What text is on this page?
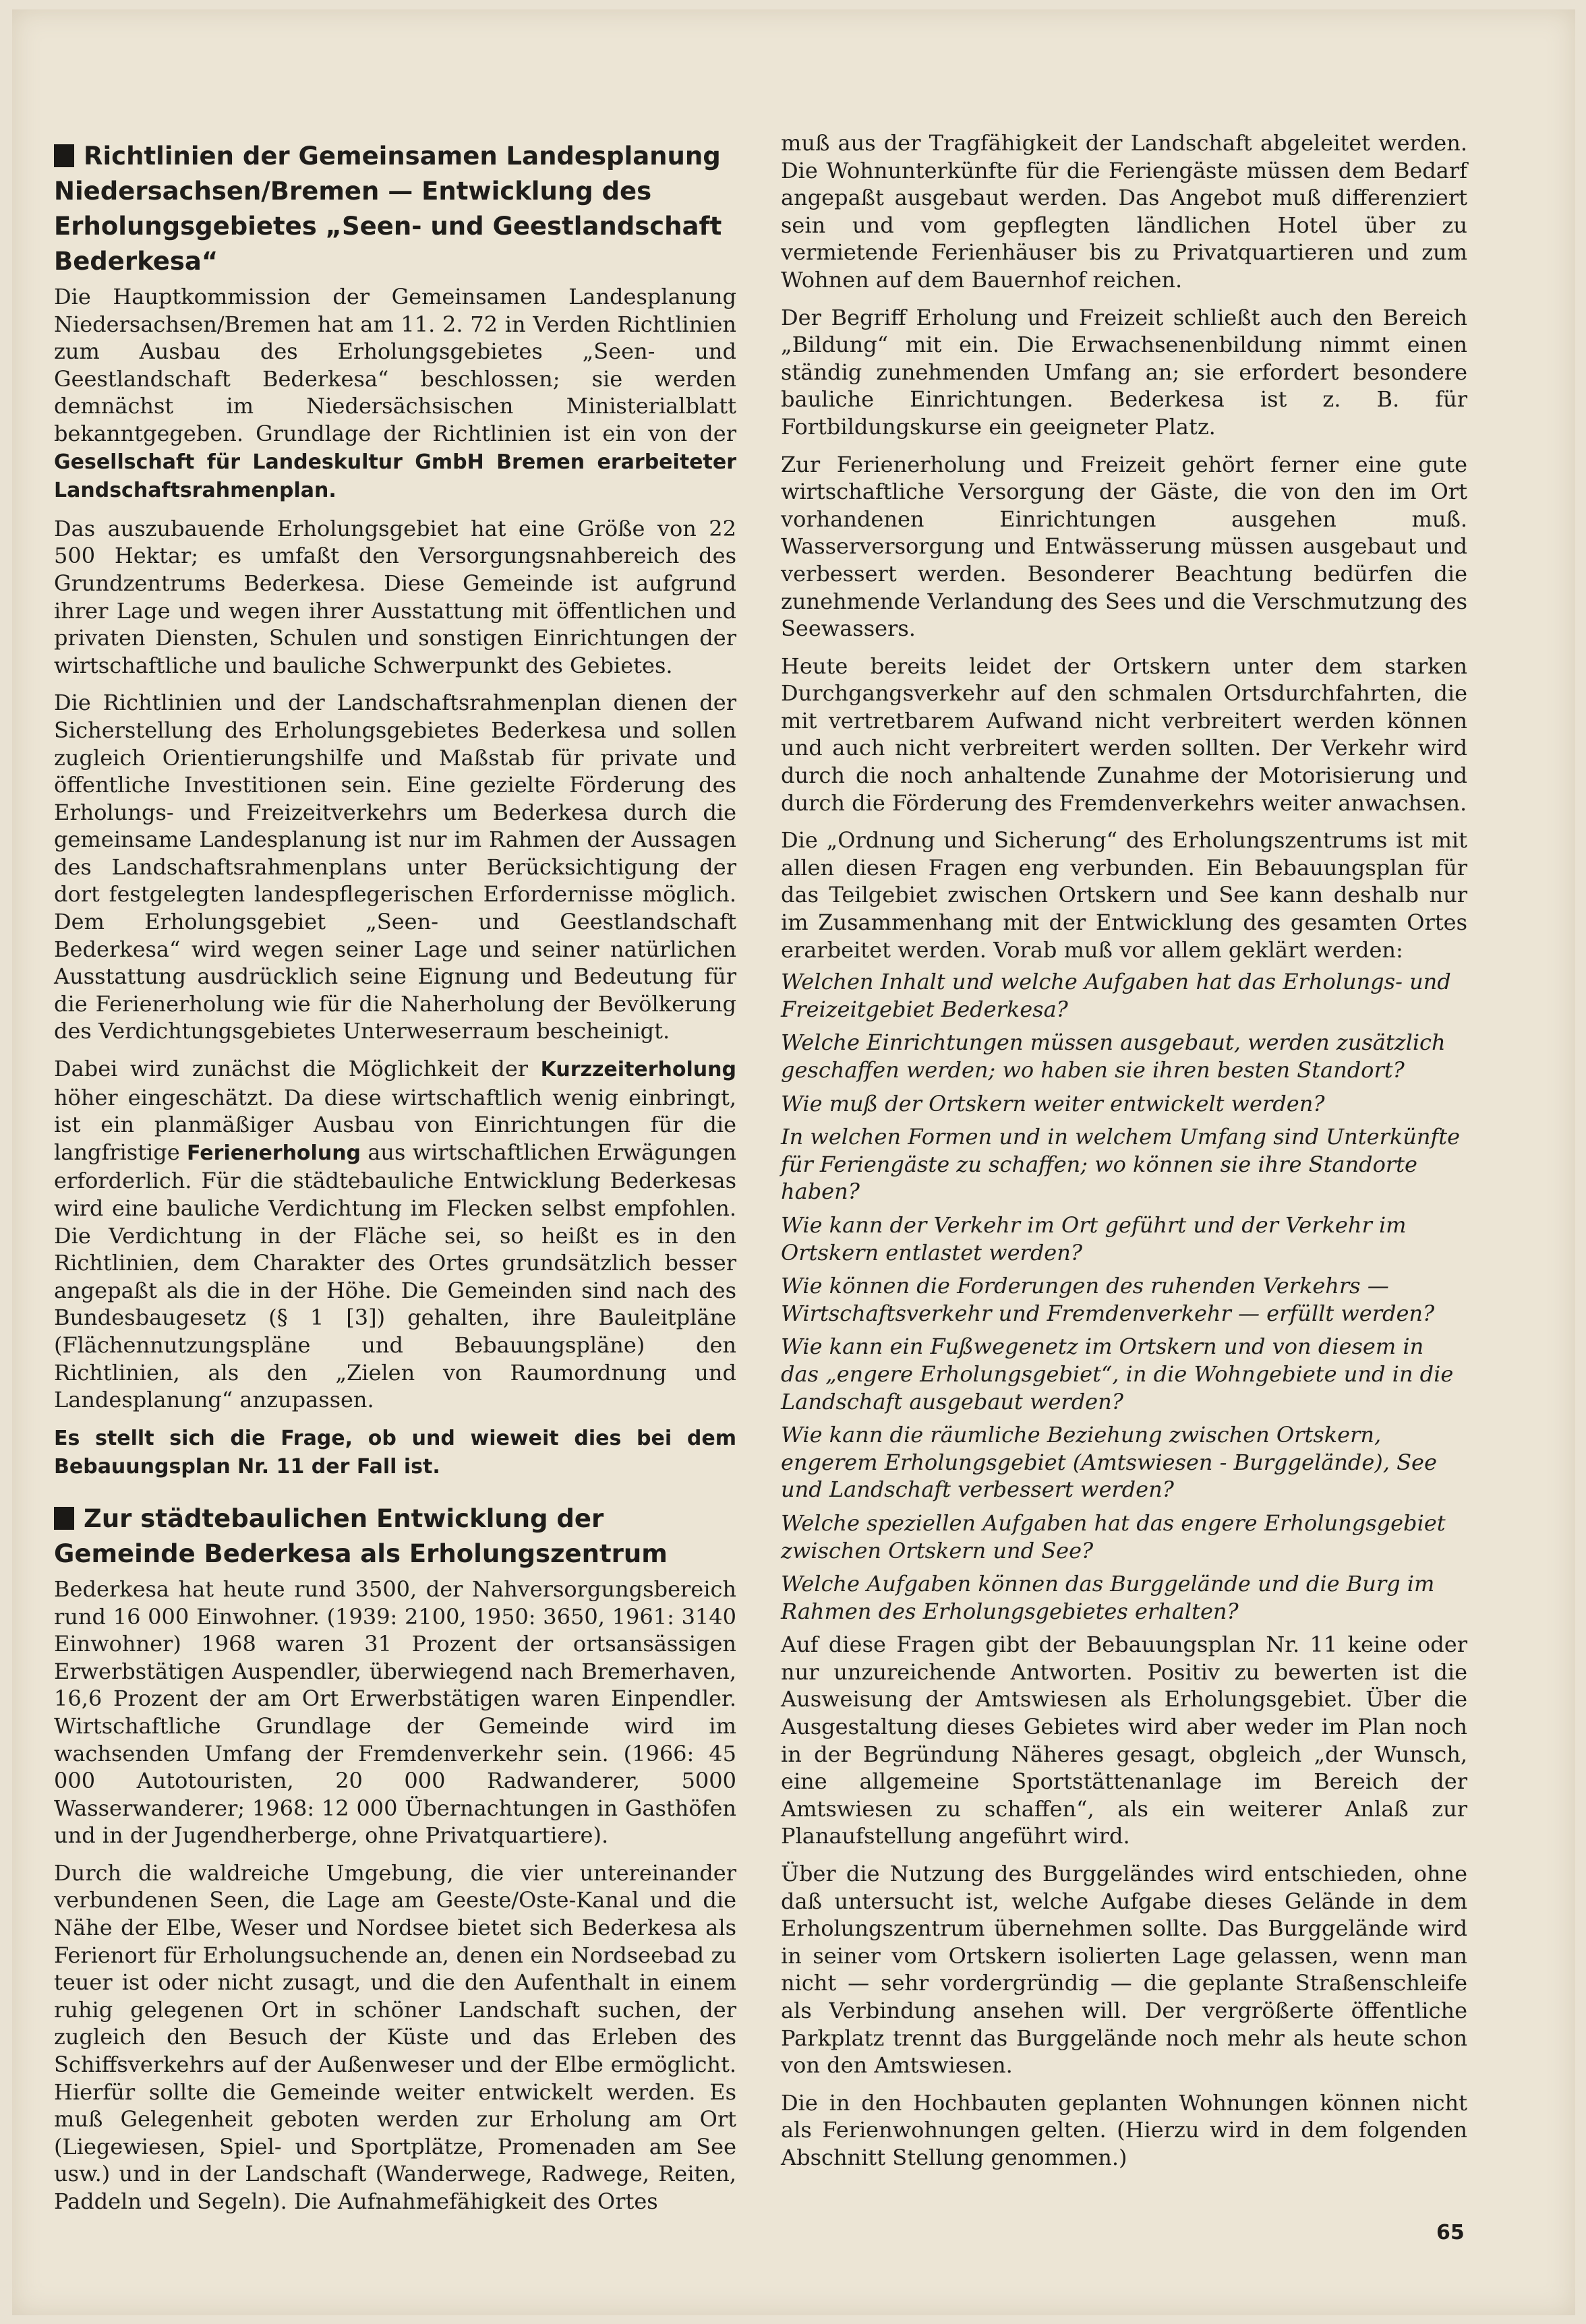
Richtlinien der Gemeinsamen Landesplanung Niedersachsen/Bremen — Entwicklung des Erholungsgebietes „Seen- und Geestlandschaft Bederkesa“

Die Hauptkommission der Gemeinsamen Landesplanung Niedersachsen/Bremen hat am 11. 2. 72 in Verden Richtlinien zum Ausbau des Erholungsgebietes „Seen- und Geestlandschaft Bederkesa“ beschlossen; sie werden demnächst im Niedersächsischen Ministerialblatt bekanntgegeben. Grundlage der Richtlinien ist ein von der Gesellschaft für Landeskultur GmbH Bremen erarbeiteter Landschaftsrahmenplan.

Das auszubauende Erholungsgebiet hat eine Größe von 22 500 Hektar; es umfaßt den Versorgungsnahbereich des Grundzentrums Bederkesa. Diese Gemeinde ist aufgrund ihrer Lage und wegen ihrer Ausstattung mit öffentlichen und privaten Diensten, Schulen und sonstigen Einrichtungen der wirtschaftliche und bauliche Schwerpunkt des Gebietes.

Die Richtlinien und der Landschaftsrahmenplan dienen der Sicherstellung des Erholungsgebietes Bederkesa und sollen zugleich Orientierungshilfe und Maßstab für private und öffentliche Investitionen sein. Eine gezielte Förderung des Erholungs- und Freizeitverkehrs um Bederkesa durch die gemeinsame Landesplanung ist nur im Rahmen der Aussagen des Landschaftsrahmenplans unter Berücksichtigung der dort festgelegten landespflegerischen Erfordernisse möglich. Dem Erholungsgebiet „Seen- und Geestlandschaft Bederkesa“ wird wegen seiner Lage und seiner natürlichen Ausstattung ausdrücklich seine Eignung und Bedeutung für die Ferienerholung wie für die Naherholung der Bevölkerung des Verdichtungsgebietes Unterweserraum bescheinigt.

Dabei wird zunächst die Möglichkeit der Kurzzeiterholung höher eingeschätzt. Da diese wirtschaftlich wenig einbringt, ist ein planmäßiger Ausbau von Einrichtungen für die langfristige Ferienerholung aus wirtschaftlichen Erwägungen erforderlich. Für die städtebauliche Entwicklung Bederkesas wird eine bauliche Verdichtung im Flecken selbst empfohlen. Die Verdichtung in der Fläche sei, so heißt es in den Richtlinien, dem Charakter des Ortes grundsätzlich besser angepaßt als die in der Höhe. Die Gemeinden sind nach des Bundesbaugesetz (§ 1 [3]) gehalten, ihre Bauleitpläne (Flächennutzungspläne und Bebauungspläne) den Richtlinien, als den „Zielen von Raumordnung und Landesplanung“ anzupassen.

Es stellt sich die Frage, ob und wieweit dies bei dem Bebauungsplan Nr. 11 der Fall ist.

Zur städtebaulichen Entwicklung der Gemeinde Bederkesa als Erholungszentrum

Bederkesa hat heute rund 3500, der Nahversorgungsbereich rund 16 000 Einwohner. (1939: 2100, 1950: 3650, 1961: 3140 Einwohner) 1968 waren 31 Prozent der ortsansässigen Erwerbstätigen Auspendler, überwiegend nach Bremerhaven, 16,6 Prozent der am Ort Erwerbstätigen waren Einpendler. Wirtschaftliche Grundlage der Gemeinde wird im wachsenden Umfang der Fremdenverkehr sein. (1966: 45 000 Autotouristen, 20 000 Radwanderer, 5000 Wasserwanderer; 1968: 12 000 Übernachtungen in Gasthöfen und in der Jugendherberge, ohne Privatquartiere).

Durch die waldreiche Umgebung, die vier untereinander verbundenen Seen, die Lage am Geeste/Oste-Kanal und die Nähe der Elbe, Weser und Nordsee bietet sich Bederkesa als Ferienort für Erholungsuchende an, denen ein Nordseebad zu teuer ist oder nicht zusagt, und die den Aufenthalt in einem ruhig gelegenen Ort in schöner Landschaft suchen, der zugleich den Besuch der Küste und das Erleben des Schiffsverkehrs auf der Außenweser und der Elbe ermöglicht. Hierfür sollte die Gemeinde weiter entwickelt werden. Es muß Gelegenheit geboten werden zur Erholung am Ort (Liegewiesen, Spiel- und Sportplätze, Promenaden am See usw.) und in der Landschaft (Wanderwege, Radwege, Reiten, Paddeln und Segeln). Die Aufnahmefähigkeit des Ortes

muß aus der Tragfähigkeit der Landschaft abgeleitet werden. Die Wohnunterkünfte für die Feriengäste müssen dem Bedarf angepaßt ausgebaut werden. Das Angebot muß differenziert sein und vom gepflegten ländlichen Hotel über zu vermietende Ferienhäuser bis zu Privatquartieren und zum Wohnen auf dem Bauernhof reichen.

Der Begriff Erholung und Freizeit schließt auch den Bereich „Bildung“ mit ein. Die Erwachsenenbildung nimmt einen ständig zunehmenden Umfang an; sie erfordert besondere bauliche Einrichtungen. Bederkesa ist z. B. für Fortbildungskurse ein geeigneter Platz.

Zur Ferienerholung und Freizeit gehört ferner eine gute wirtschaftliche Versorgung der Gäste, die von den im Ort vorhandenen Einrichtungen ausgehen muß. Wasserversorgung und Entwässerung müssen ausgebaut und verbessert werden. Besonderer Beachtung bedürfen die zunehmende Verlandung des Sees und die Verschmutzung des Seewassers.

Heute bereits leidet der Ortskern unter dem starken Durchgangsverkehr auf den schmalen Ortsdurchfahrten, die mit vertretbarem Aufwand nicht verbreitert werden können und auch nicht verbreitert werden sollten. Der Verkehr wird durch die noch anhaltende Zunahme der Motorisierung und durch die Förderung des Fremdenverkehrs weiter anwachsen.

Die „Ordnung und Sicherung“ des Erholungszentrums ist mit allen diesen Fragen eng verbunden. Ein Bebauungsplan für das Teilgebiet zwischen Ortskern und See kann deshalb nur im Zusammenhang mit der Entwicklung des gesamten Ortes erarbeitet werden. Vorab muß vor allem geklärt werden:

Welchen Inhalt und welche Aufgaben hat das Erholungs- und Freizeitgebiet Bederkesa?

Welche Einrichtungen müssen ausgebaut, werden zusätzlich geschaffen werden; wo haben sie ihren besten Standort?

Wie muß der Ortskern weiter entwickelt werden?

In welchen Formen und in welchem Umfang sind Unterkünfte für Feriengäste zu schaffen; wo können sie ihre Standorte haben?

Wie kann der Verkehr im Ort geführt und der Verkehr im Ortskern entlastet werden?

Wie können die Forderungen des ruhenden Verkehrs — Wirtschaftsverkehr und Fremdenverkehr — erfüllt werden?

Wie kann ein Fußwegenetz im Ortskern und von diesem in das „engere Erholungsgebiet“, in die Wohngebiete und in die Landschaft ausgebaut werden?

Wie kann die räumliche Beziehung zwischen Ortskern, engerem Erholungsgebiet (Amtswiesen - Burggelände), See und Landschaft verbessert werden?

Welche speziellen Aufgaben hat das engere Erholungsgebiet zwischen Ortskern und See?

Welche Aufgaben können das Burggelände und die Burg im Rahmen des Erholungsgebietes erhalten?

Auf diese Fragen gibt der Bebauungsplan Nr. 11 keine oder nur unzureichende Antworten. Positiv zu bewerten ist die Ausweisung der Amtswiesen als Erholungsgebiet. Über die Ausgestaltung dieses Gebietes wird aber weder im Plan noch in der Begründung Näheres gesagt, obgleich „der Wunsch, eine allgemeine Sportstättenanlage im Bereich der Amtswiesen zu schaffen“, als ein weiterer Anlaß zur Planaufstellung angeführt wird.

Über die Nutzung des Burggeländes wird entschieden, ohne daß untersucht ist, welche Aufgabe dieses Gelände in dem Erholungszentrum übernehmen sollte. Das Burggelände wird in seiner vom Ortskern isolierten Lage gelassen, wenn man nicht — sehr vordergründig — die geplante Straßenschleife als Verbindung ansehen will. Der vergrößerte öffentliche Parkplatz trennt das Burggelände noch mehr als heute schon von den Amtswiesen.

Die in den Hochbauten geplanten Wohnungen können nicht als Ferienwohnungen gelten. (Hierzu wird in dem folgenden Abschnitt Stellung genommen.)

65
